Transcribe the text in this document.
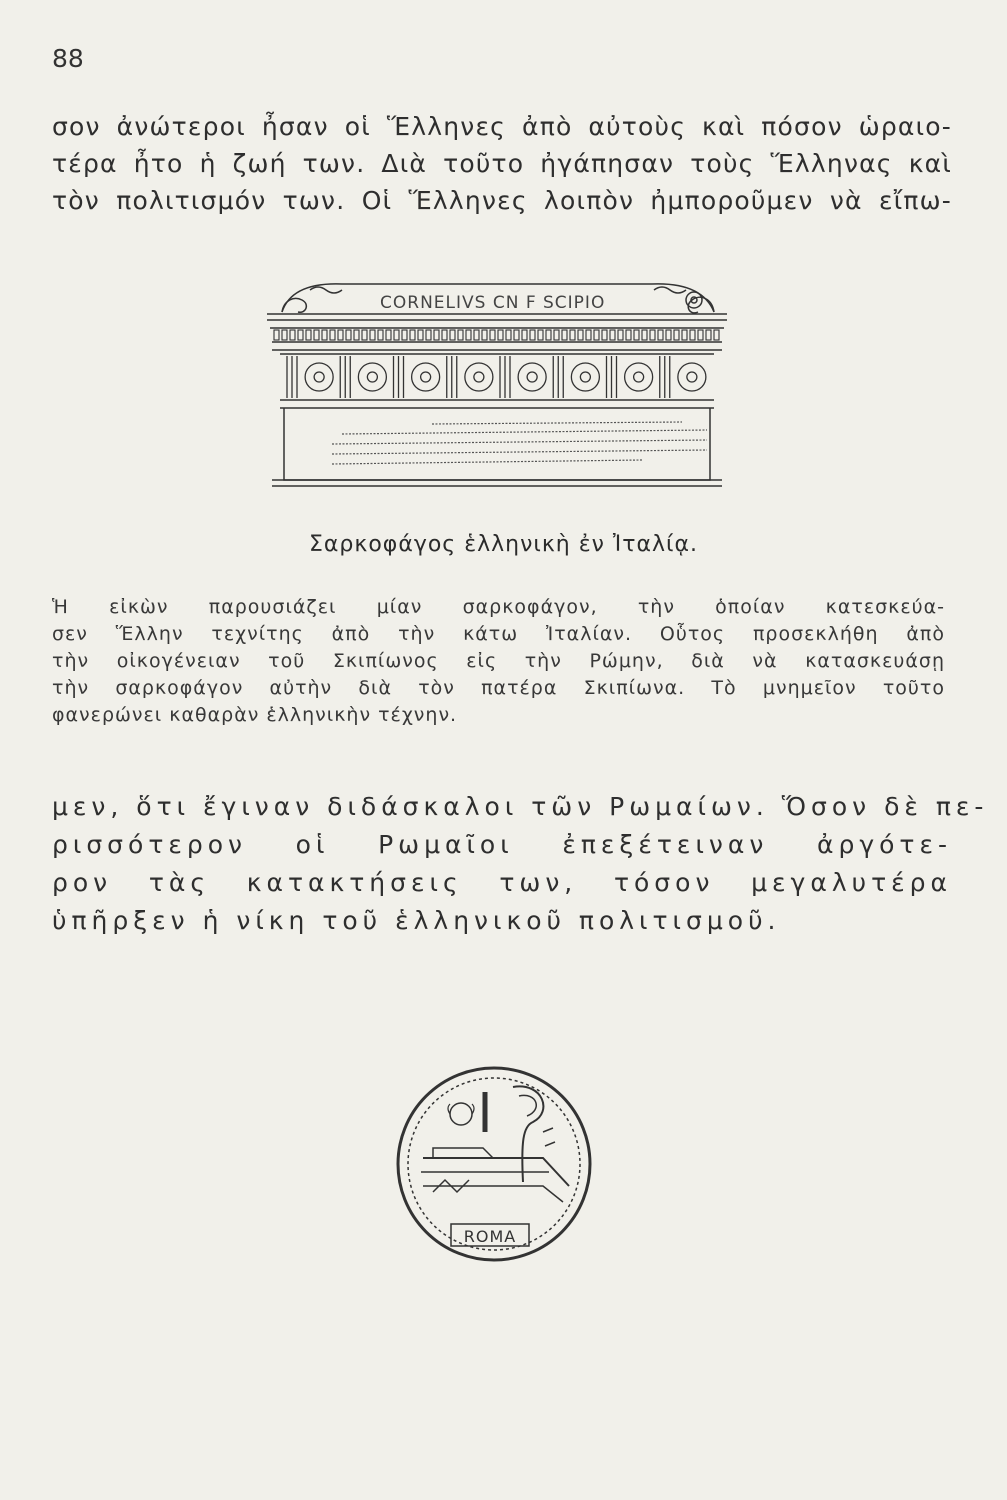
88
σον ἀνώτεροι ἦσαν οἱ Ἕλληνες ἀπὸ αὐτοὺς καὶ πόσον ὡραιο-
τέρα ἦτο ἡ ζωή των. Διὰ τοῦτο ἠγάπησαν τοὺς Ἕλληνας καὶ
τὸν πολιτισμόν των. Οἱ Ἕλληνες λοιπὸν ἠμποροῦμεν νὰ εἴπω-
CORNELIVS CN F SCIPIO
Σαρκοφάγος ἑλληνικὴ ἐν Ἰταλίᾳ.
Ἡ εἰκὼν παρουσιάζει μίαν σαρκοφάγον, τὴν ὁποίαν κατεσκεύα-
σεν Ἕλλην τεχνίτης ἀπὸ τὴν κάτω Ἰταλίαν. Οὗτος προσεκλήθη ἀπὸ
τὴν οἰκογένειαν τοῦ Σκιπίωνος εἰς τὴν Ρώμην, διὰ νὰ κατασκευάσῃ
τὴν σαρκοφάγον αὐτὴν διὰ τὸν πατέρα Σκιπίωνα. Τὸ μνημεῖον τοῦτο
φανερώνει καθαρὰν ἑλληνικὴν τέχνην.
μεν, ὅτι ἔγιναν διδάσκαλοι τῶν Ρωμαίων. Ὅσον δὲ πε-
ρισσότερον οἱ Ρωμαῖοι ἐπεξέτειναν ἀργότε-
ρον τὰς κατακτήσεις των, τόσον μεγαλυτέρα
ὑπῆρξεν ἡ νίκη τοῦ ἑλληνικοῦ πολιτισμοῦ.
ROMA
